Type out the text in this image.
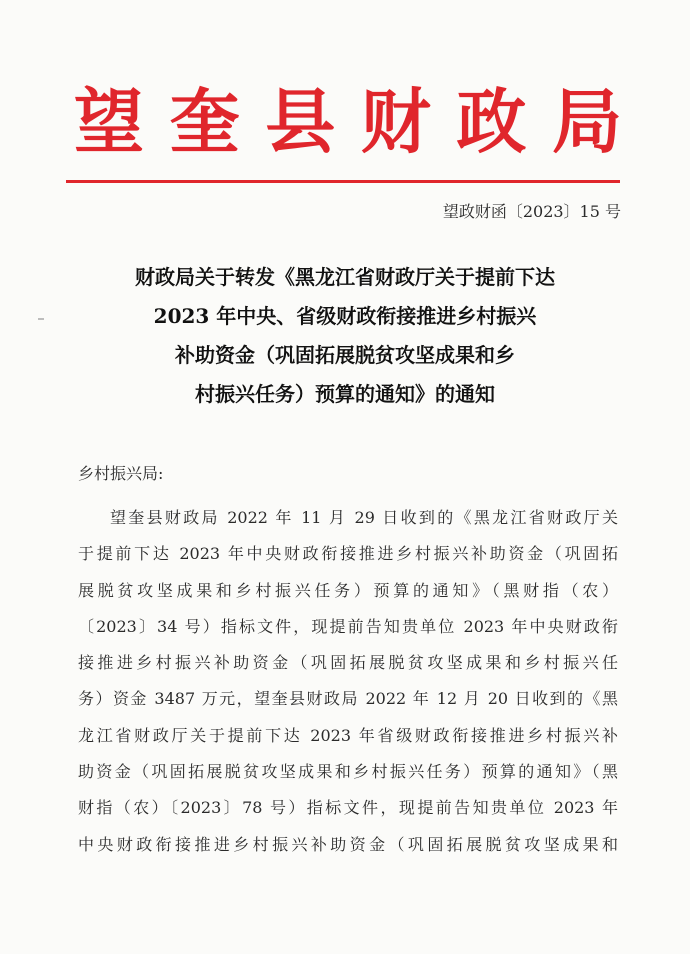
望 奎 县 财 政 局
望政财函〔2023〕15 号
财政局关于转发《黑龙江省财政厅关于提前下达
2023 年中央、省级财政衔接推进乡村振兴
补助资金（巩固拓展脱贫攻坚成果和乡
村振兴任务）预算的通知》的通知
乡村振兴局:
望奎县财政局 2022 年 11 月 29 日收到的《黑龙江省财政厅关
于提前下达 2023 年中央财政衔接推进乡村振兴补助资金（巩固拓
展脱贫攻坚成果和乡村振兴任务）预算的通知》（黑财指（农）
〔2023〕34 号）指标文件，现提前告知贵单位 2023 年中央财政衔
接推进乡村振兴补助资金（巩固拓展脱贫攻坚成果和乡村振兴任
务）资金 3487 万元，望奎县财政局 2022 年 12 月 20 日收到的《黑
龙江省财政厅关于提前下达 2023 年省级财政衔接推进乡村振兴补
助资金（巩固拓展脱贫攻坚成果和乡村振兴任务）预算的通知》（黑
财指（农）〔2023〕78 号）指标文件，现提前告知贵单位 2023 年
中央财政衔接推进乡村振兴补助资金（巩固拓展脱贫攻坚成果和
